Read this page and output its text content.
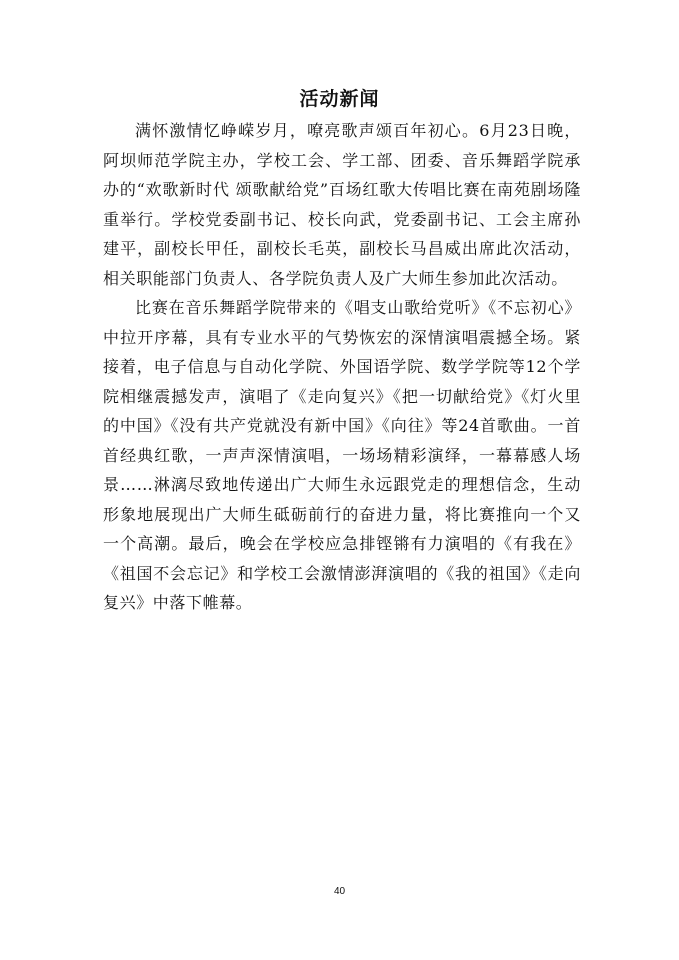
活动新闻

满怀激情忆峥嵘岁月，嘹亮歌声颂百年初心。6月23日晚，阿坝师范学院主办，学校工会、学工部、团委、音乐舞蹈学院承办的“欢歌新时代 颂歌献给党”百场红歌大传唱比赛在南苑剧场隆重举行。学校党委副书记、校长向武，党委副书记、工会主席孙建平，副校长甲任，副校长毛英，副校长马昌威出席此次活动，相关职能部门负责人、各学院负责人及广大师生参加此次活动。

比赛在音乐舞蹈学院带来的《唱支山歌给党听》《不忘初心》中拉开序幕，具有专业水平的气势恢宏的深情演唱震撼全场。紧接着，电子信息与自动化学院、外国语学院、数学学院等12个学院相继震撼发声，演唱了《走向复兴》《把一切献给党》《灯火里的中国》《没有共产党就没有新中国》《向往》等24首歌曲。一首首经典红歌，一声声深情演唱，一场场精彩演绎，一幕幕感人场景……淋漓尽致地传递出广大师生永远跟党走的理想信念，生动形象地展现出广大师生砥砺前行的奋进力量，将比赛推向一个又一个高潮。最后，晚会在学校应急排铿锵有力演唱的《有我在》《祖国不会忘记》和学校工会激情澎湃演唱的《我的祖国》《走向复兴》中落下帷幕。

40
